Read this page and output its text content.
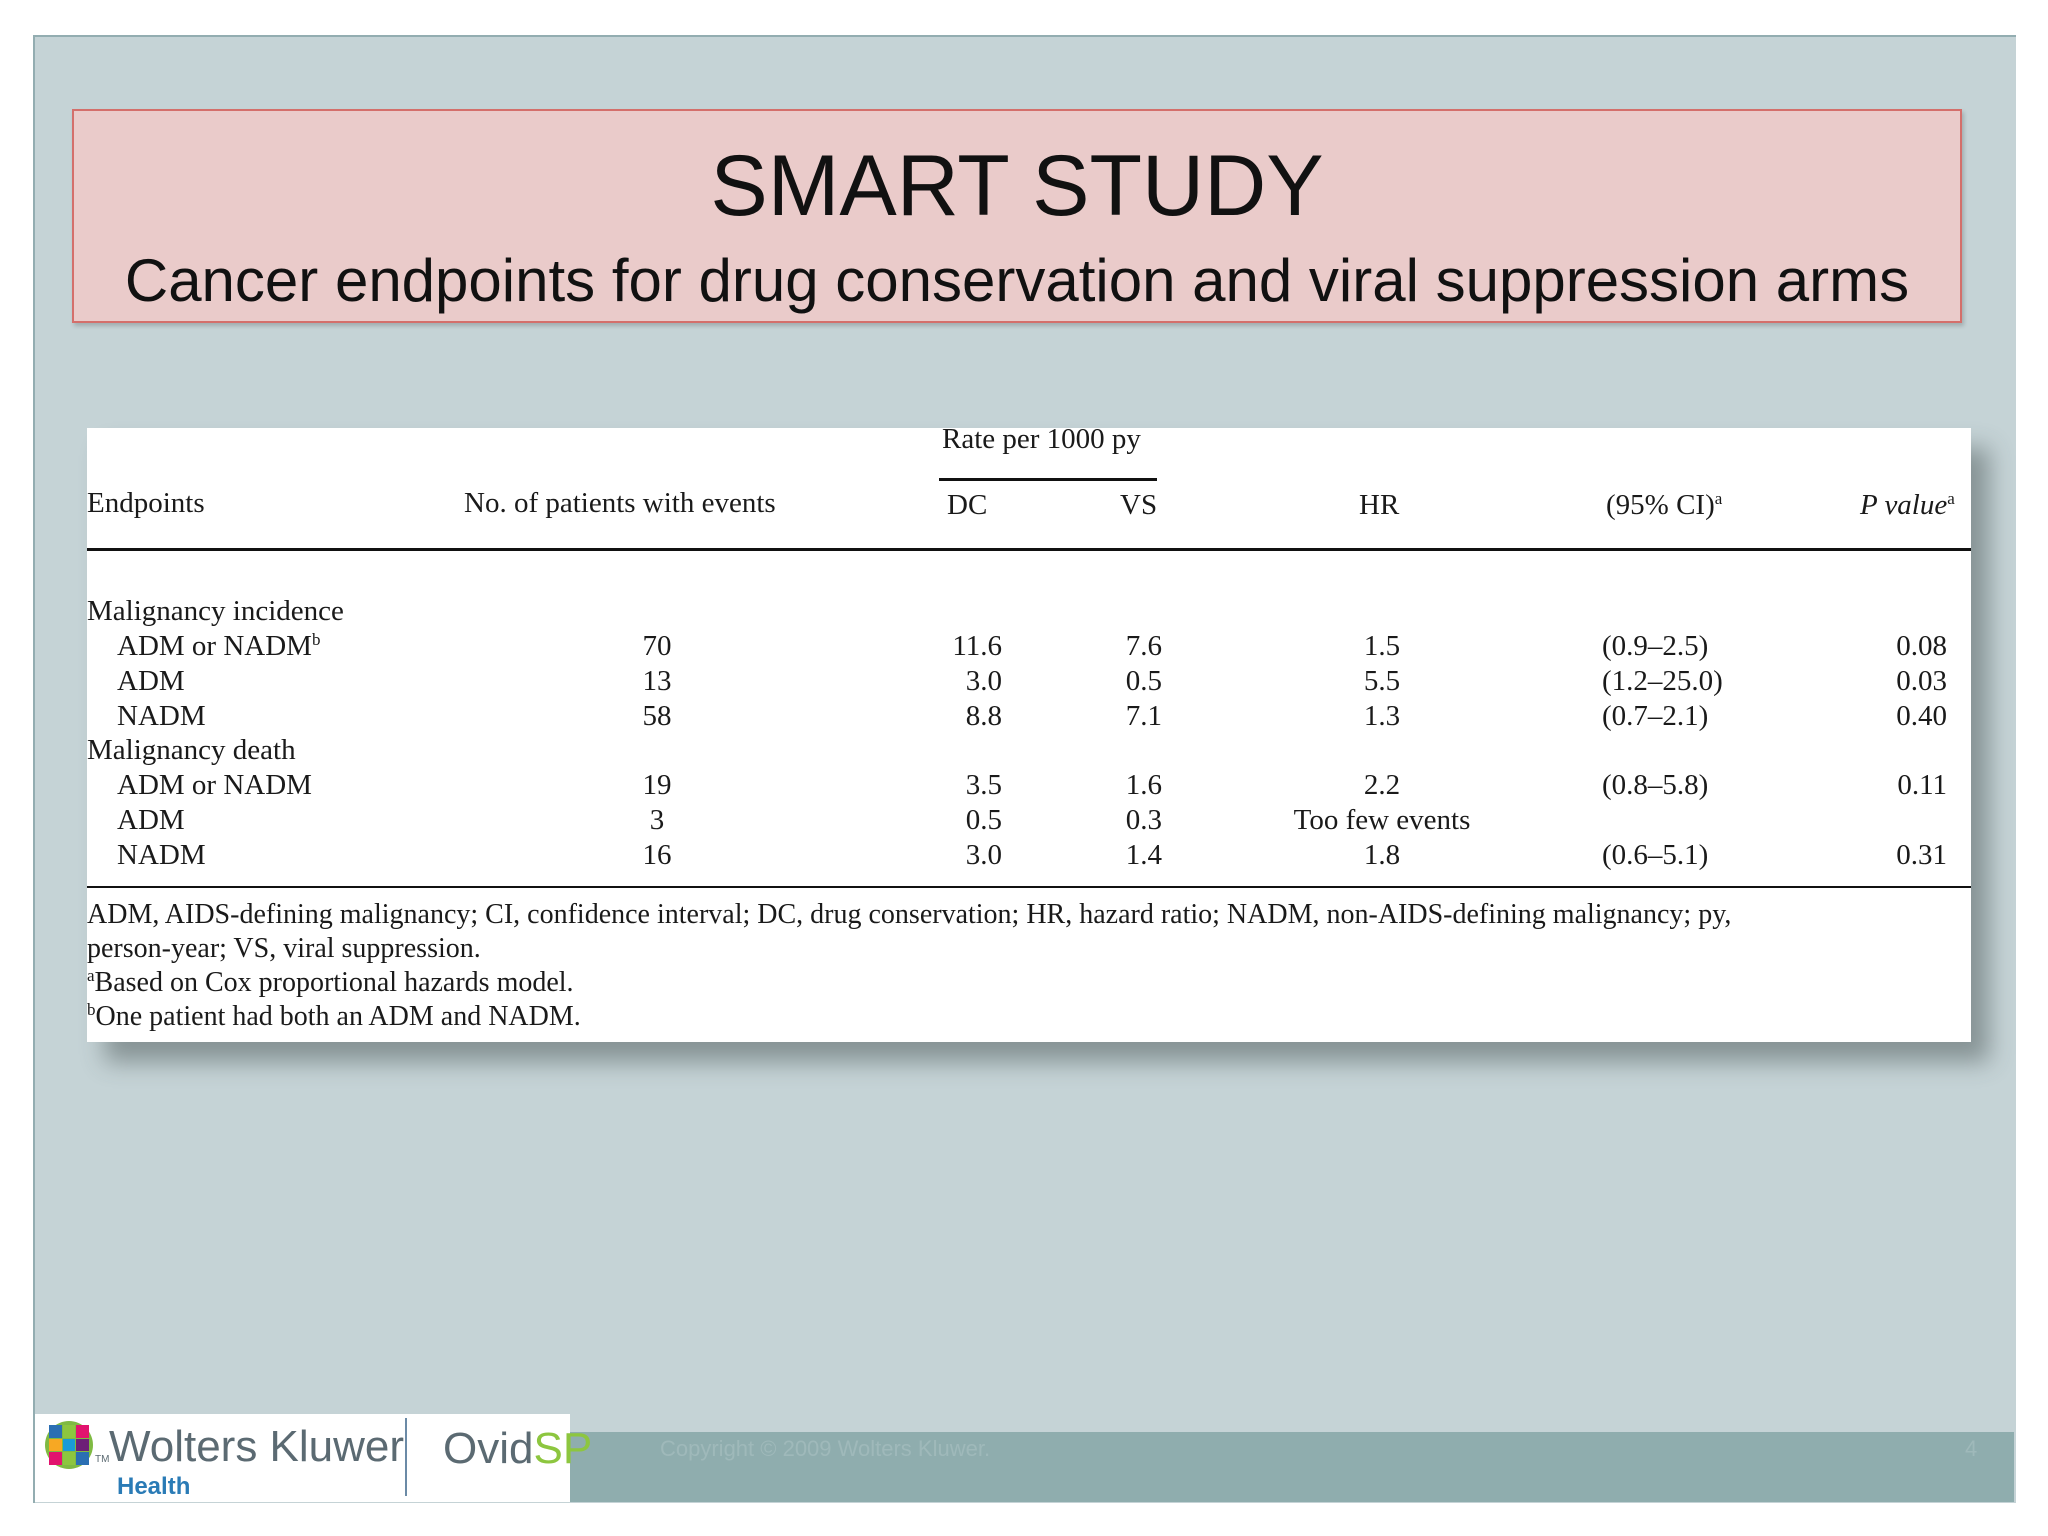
SMART STUDY
Cancer endpoints for drug conservation and viral suppression arms
Rate per 1000 py
Endpoints	No. of patients with events	DC	VS	HR	(95% CI)$^a$	P value$^a$
Malignancy incidence
ADM or NADM$^b$	70	11.6	7.6	1.5	(0.9–2.5)	0.08
ADM	13	3.0	0.5	5.5	(1.2–25.0)	0.03
NADM	58	8.8	7.1	1.3	(0.7–2.1)	0.40
Malignancy death
ADM or NADM	19	3.5	1.6	2.2	(0.8–5.8)	0.11
ADM	3	0.5	0.3	Too few events
NADM	16	3.0	1.4	1.8	(0.6–5.1)	0.31
ADM, AIDS-defining malignancy; CI, confidence interval; DC, drug conservation; HR, hazard ratio; NADM, non-AIDS-defining malignancy; py,
person-year; VS, viral suppression.
$^a$Based on Cox proportional hazards model.
$^b$One patient had both an ADM and NADM.
Copyright © 2009 Wolters Kluwer.	4
TM Wolters Kluwer
Health
OvidSP
